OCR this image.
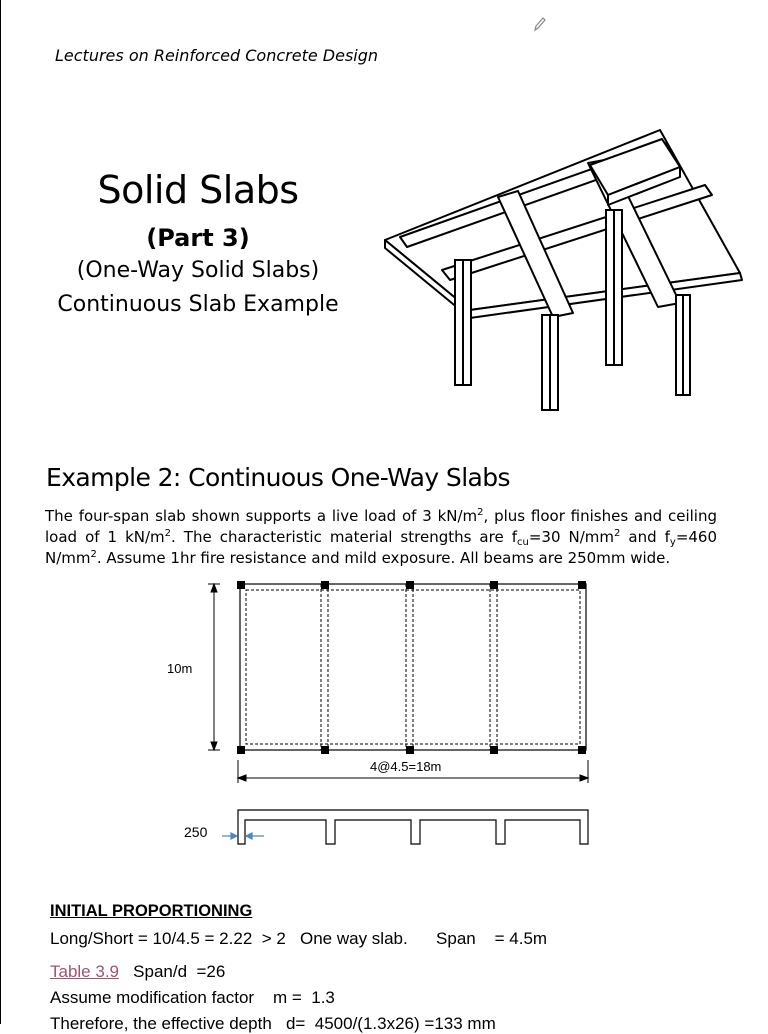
Lectures on Reinforced Concrete Design

Solid Slabs

(Part 3)

(One-Way Solid Slabs)

Continuous Slab Example

Example 2: Continuous One-Way Slabs

The four-span slab shown supports a live load of 3 $kN/m^2$, plus floor finishes and ceiling load of 1 $kN/m^2$. The characteristic material strengths are $f_{cu}=30$ $N/mm^2$ and $f_y=460$ $N/mm^2$. Assume 1hr fire resistance and mild exposure. All beams are 250mm wide.

10m
4@4.5=18m
250

INITIAL PROPORTIONING

Long/Short = 10/4.5 = 2.22  > 2   One way slab.      Span    = 4.5m

Table 3.9   Span/d  =26

Assume modification factor    m =  1.3

Therefore, the effective depth   d=  4500/(1.3x26) =133 mm
